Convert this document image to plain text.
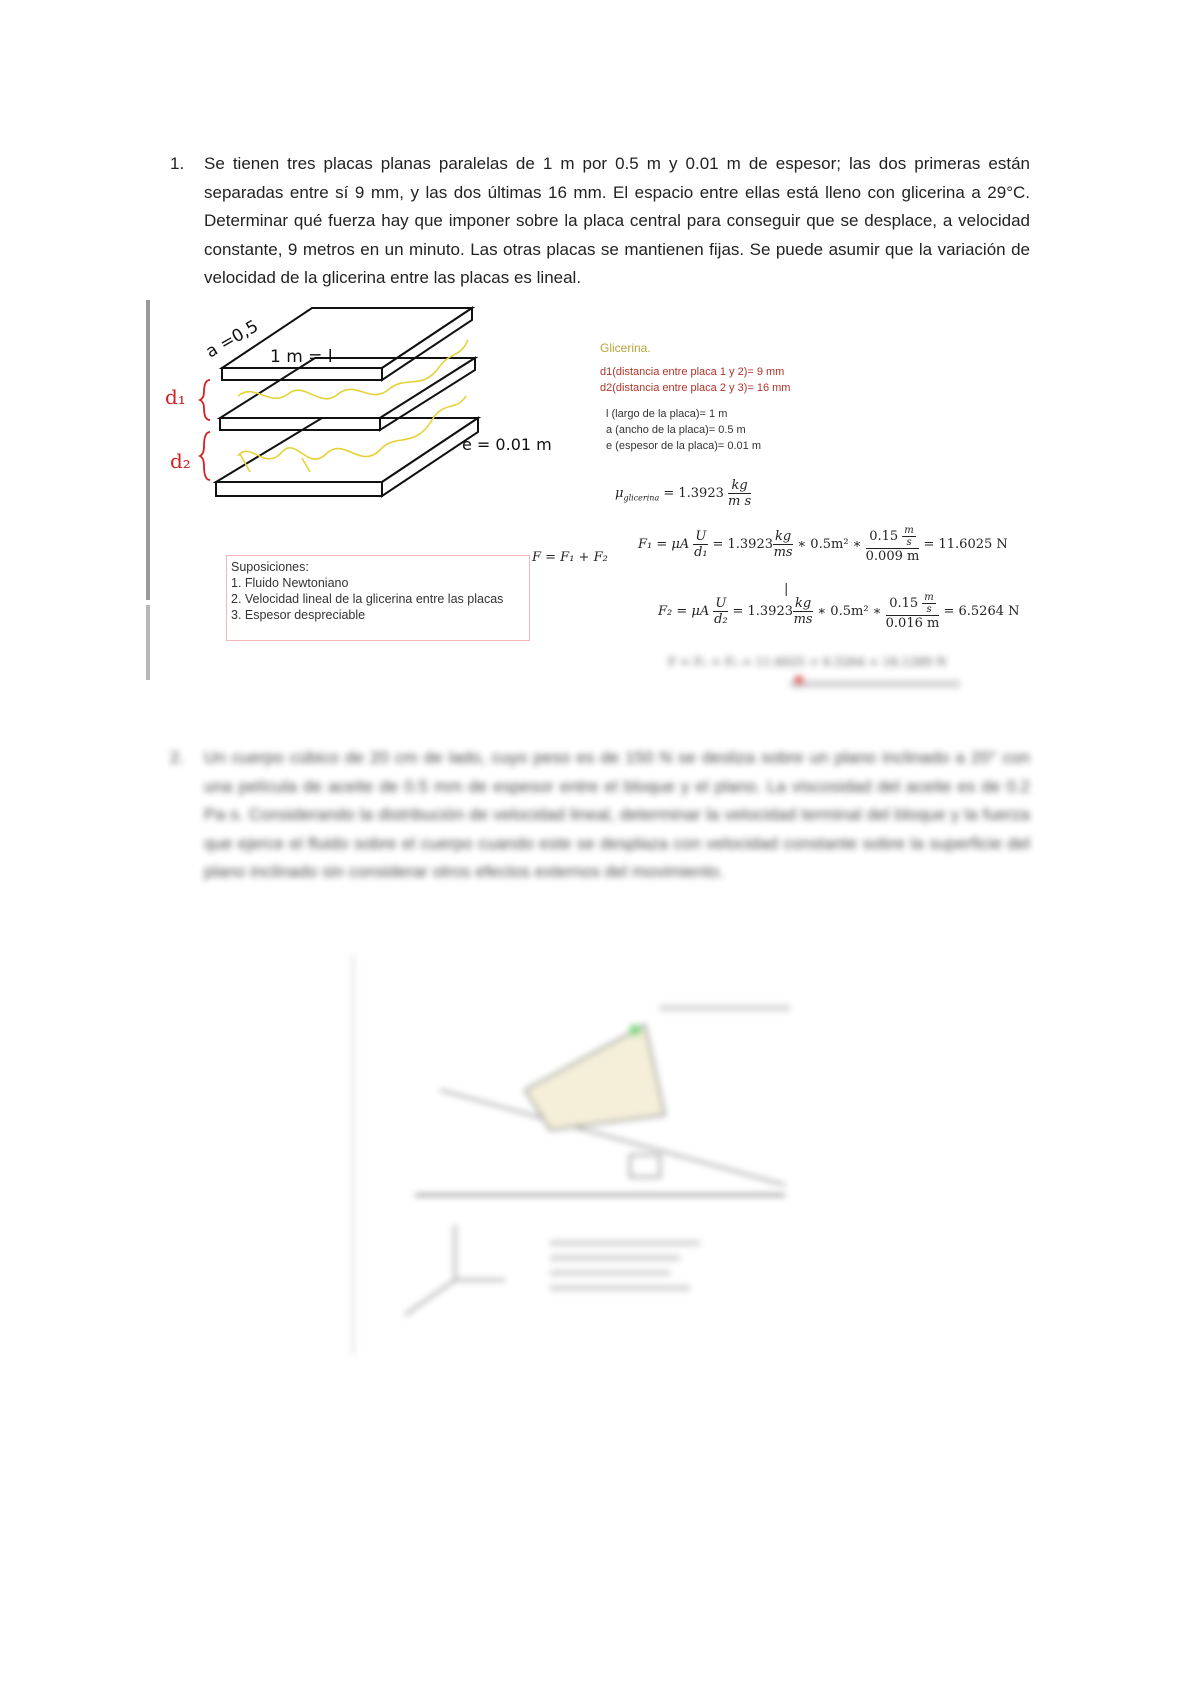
1. Se tienen tres placas planas paralelas de 1 m por 0.5 m y 0.01 m de espesor; las dos primeras están separadas entre sí 9 mm, y las dos últimas 16 mm. El espacio entre ellas está lleno con glicerina a 29°C. Determinar qué fuerza hay que imponer sobre la placa central para conseguir que se desplace, a velocidad constante, 9 metros en un minuto. Las otras placas se mantienen fijas. Se puede asumir que la variación de velocidad de la glicerina entre las placas es lineal.
d₁
d₂
a =0,5 1 m = l
e = 0.01 m
Glicerina.
d1(distancia entre placa 1 y 2)= 9 mm
d2(distancia entre placa 2 y 3)= 16 mm
l (largo de la placa)= 1 m
a (ancho de la placa)= 0.5 m
e (espesor de la placa)= 0.01 m
$\mu_{glicerina} = 1.3923 \frac{kg}{\text{m s}}$
Suposiciones:
1. Fluido Newtoniano
2. Velocidad lineal de la glicerina entre las placas
3. Espesor despreciable
F = F₁ + F₂
F₁ = μA $\frac{U}{\text{d₁}} = 1.3923 \frac{kg}{ms}$ ∗ 0.5m² ∗ $\frac{0.15 \frac{m}{s}}{0.009 m} = 11.6025$ N
|
F₂ = μA $\frac{U}{\text{d₂}} = 1.3923 \frac{kg}{ms}$ ∗ 0.5m² ∗ $\frac{0.15 \frac{m}{s}}{0.016 m} = 6.5264$ N
F = F₁ + F₂ = 11.6025 + 6.5264 = 18.1289 N
2. Un cuerpo cúbico de 20 cm de lado, cuyo peso es de 150 N se desliza sobre un plano inclinado a 20° con una película de aceite de 0.5 mm de espesor entre el bloque y el plano. La viscosidad del aceite es de 0.2 Pa·s. Considerando la distribución de velocidad lineal, determinar la velocidad terminal del bloque y la fuerza que ejerce el fluido sobre el cuerpo cuando este se desplaza con velocidad constante sobre la superficie del plano inclinado sin considerar otros efectos externos del movimiento.
